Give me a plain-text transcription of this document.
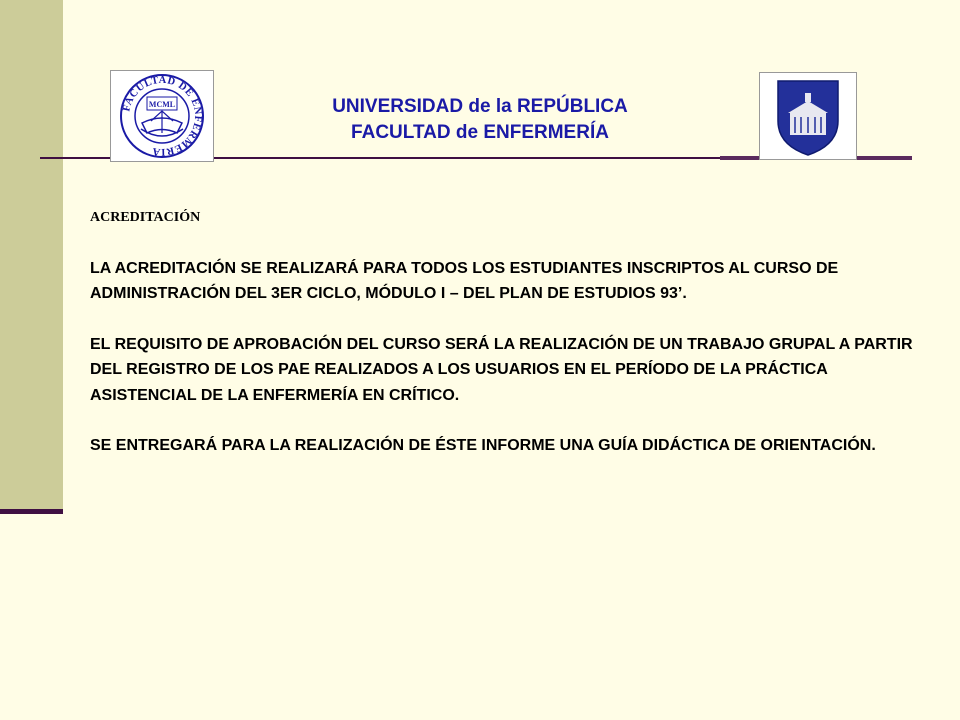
FACULTAD DE ENFERMERIA
MCML	UNIVERSIDAD de la REPÚBLICA
FACULTAD de ENFERMERÍA
ACREDITACIÓN
LA ACREDITACIÓN SE REALIZARÁ PARA TODOS LOS ESTUDIANTES INSCRIPTOS AL CURSO DE ADMINISTRACIÓN DEL 3ER CICLO, MÓDULO I – DEL PLAN DE ESTUDIOS 93’.
EL REQUISITO DE APROBACIÓN DEL CURSO SERÁ LA REALIZACIÓN DE UN TRABAJO GRUPAL A PARTIR DEL REGISTRO DE LOS PAE REALIZADOS A LOS USUARIOS EN EL PERÍODO DE LA PRÁCTICA ASISTENCIAL DE LA ENFERMERÍA EN CRÍTICO.
SE ENTREGARÁ PARA LA REALIZACIÓN DE ÉSTE INFORME UNA GUÍA DIDÁCTICA DE ORIENTACIÓN.
